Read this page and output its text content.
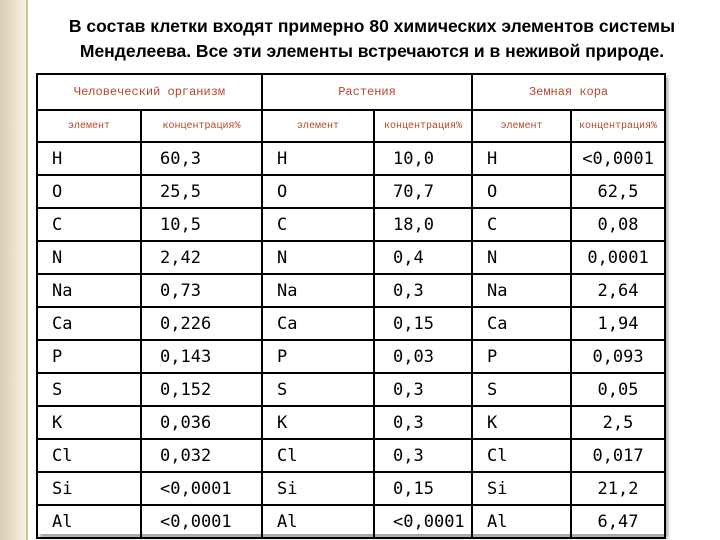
В состав клетки входят примерно 80 химических элементов системы
Менделеева. Все эти элементы встречаются и в неживой природе.
Человеческий организм		Растения		Земная кора	
элемент	концентрация%	элемент	концентрация%	элемент	концентрация%
H	60,3	H	10,0	H	<0,0001
O	25,5	O	70,7	O	62,5
C	10,5	C	18,0	C	0,08
N	2,42	N	0,4	N	0,0001
Na	0,73	Na	0,3	Na	2,64
Ca	0,226	Ca	0,15	Ca	1,94
P	0,143	P	0,03	P	0,093
S	0,152	S	0,3	S	0,05
K	0,036	K	0,3	K	2,5
Cl	0,032	Cl	0,3	Cl	0,017
Si	<0,0001	Si	0,15	Si	21,2
Al	<0,0001	Al	<0,0001	Al	6,47
